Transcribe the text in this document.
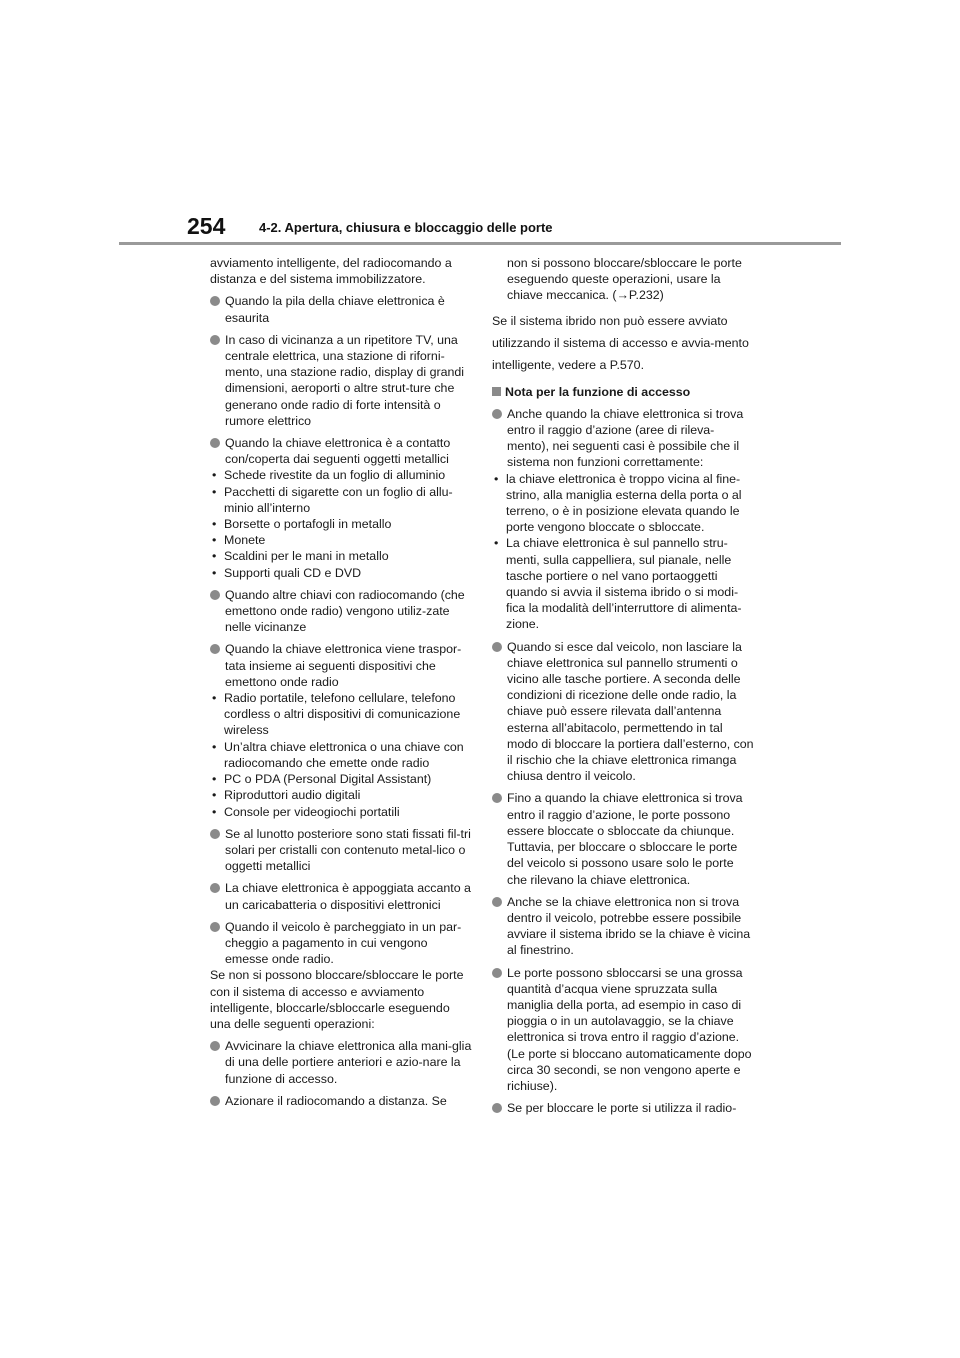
254	4-2. Apertura, chiusura e bloccaggio delle porte

avviamento intelligente, del radiocomando a distanza e del sistema immobilizzatore.

Quando la pila della chiave elettronica è esaurita
In caso di vicinanza a un ripetitore TV, una centrale elettrica, una stazione di riforni-mento, una stazione radio, display di grandi dimensioni, aeroporti o altre strut-ture che generano onde radio di forte intensità o rumore elettrico
Quando la chiave elettronica è a contatto con/coperta dai seguenti oggetti metallici

• Schede rivestite da un foglio di alluminio

• Pacchetti di sigarette con un foglio di allu-minio all’interno

• Borsette o portafogli in metallo

• Monete

• Scaldini per le mani in metallo

• Supporti quali CD e DVD

Quando altre chiavi con radiocomando (che emettono onde radio) vengono utiliz-zate nelle vicinanze
Quando la chiave elettronica viene traspor-tata insieme ai seguenti dispositivi che emettono onde radio

• Radio portatile, telefono cellulare, telefono cordless o altri dispositivi di comunicazione wireless

• Un’altra chiave elettronica o una chiave con radiocomando che emette onde radio

• PC o PDA (Personal Digital Assistant)

• Riproduttori audio digitali

• Console per videogiochi portatili

Se al lunotto posteriore sono stati fissati fil-tri solari per cristalli con contenuto metal-lico o oggetti metallici
La chiave elettronica è appoggiata accanto a un caricabatteria o dispositivi elettronici
Quando il veicolo è parcheggiato in un par-cheggio a pagamento in cui vengono emesse onde radio.

Se non si possono bloccare/sbloccare le porte con il sistema di accesso e avviamento intelligente, bloccarle/sbloccarle eseguendo una delle seguenti operazioni:

Avvicinare la chiave elettronica alla mani-glia di una delle portiere anteriori e azio-nare la funzione di accesso.
Azionare il radiocomando a distanza. Se

non si possono bloccare/sbloccare le porte eseguendo queste operazioni, usare la chiave meccanica. (→P.232)

Se il sistema ibrido non può essere avviato utilizzando il sistema di accesso e avvia-mento intelligente, vedere a P.570.

Nota per la funzione di accesso
Anche quando la chiave elettronica si trova entro il raggio d’azione (aree di rileva-mento), nei seguenti casi è possibile che il sistema non funzioni correttamente:

• la chiave elettronica è troppo vicina al fine-strino, alla maniglia esterna della porta o al terreno, o è in posizione elevata quando le porte vengono bloccate o sbloccate.

• La chiave elettronica è sul pannello stru-menti, sulla cappelliera, sul pianale, nelle tasche portiere o nel vano portaoggetti quando si avvia il sistema ibrido o si modi-fica la modalità dell’interruttore di alimenta-zione.

Quando si esce dal veicolo, non lasciare la chiave elettronica sul pannello strumenti o vicino alle tasche portiere. A seconda delle condizioni di ricezione delle onde radio, la chiave può essere rilevata dall’antenna esterna all’abitacolo, permettendo in tal modo di bloccare la portiera dall’esterno, con il rischio che la chiave elettronica rimanga chiusa dentro il veicolo.
Fino a quando la chiave elettronica si trova entro il raggio d’azione, le porte possono essere bloccate o sbloccate da chiunque. Tuttavia, per bloccare o sbloccare le porte del veicolo si possono usare solo le porte che rilevano la chiave elettronica.
Anche se la chiave elettronica non si trova dentro il veicolo, potrebbe essere possibile avviare il sistema ibrido se la chiave è vicina al finestrino.
Le porte possono sbloccarsi se una grossa quantità d’acqua viene spruzzata sulla maniglia della porta, ad esempio in caso di pioggia o in un autolavaggio, se la chiave elettronica si trova entro il raggio d’azione. (Le porte si bloccano automaticamente dopo circa 30 secondi, se non vengono aperte e richiuse).
Se per bloccare le porte si utilizza il radio-
